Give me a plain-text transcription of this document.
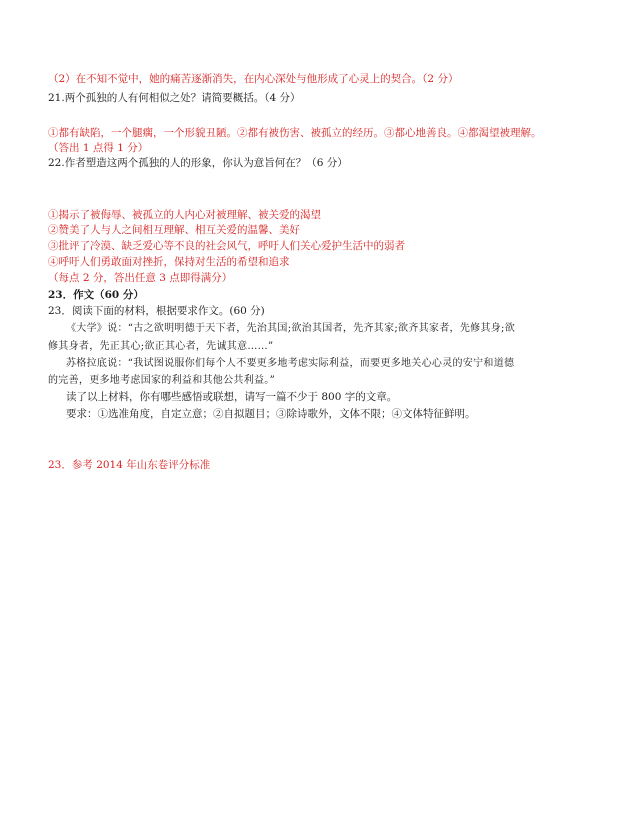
（2）在不知不觉中，她的痛苦逐渐消失，在内心深处与他形成了心灵上的契合。（2 分）
21.两个孤独的人有何相似之处？请简要概括。（4 分）
①都有缺陷，一个腿瘸，一个形貌丑陋。②都有被伤害、被孤立的经历。③都心地善良。④都渴望被理解。
（答出 1 点得 1 分）
22.作者塑造这两个孤独的人的形象，你认为意旨何在？（6 分）
①揭示了被侮辱、被孤立的人内心对被理解、被关爱的渴望
②赞美了人与人之间相互理解、相互关爱的温馨、美好
③批评了冷漠、缺乏爱心等不良的社会风气，呼吁人们关心爱护生活中的弱者
④呼吁人们勇敢面对挫折，保持对生活的希望和追求
（每点 2 分，答出任意 3 点即得满分）
23．作文（60 分）
23．阅读下面的材料，根据要求作文。(60 分)
《大学》说：“古之欲明明德于天下者，先治其国;欲治其国者，先齐其家;欲齐其家者，先修其身;欲
修其身者，先正其心;欲正其心者，先诚其意……”
苏格拉底说：“我试图说服你们每个人不要更多地考虑实际利益，而要更多地关心心灵的安宁和道德
的完善，更多地考虑国家的利益和其他公共利益。”
读了以上材料，你有哪些感悟或联想，请写一篇不少于 800 字的文章。
要求：①选准角度，自定立意；②自拟题目；③除诗歌外，文体不限；④文体特征鲜明。
23．参考 2014 年山东卷评分标准
